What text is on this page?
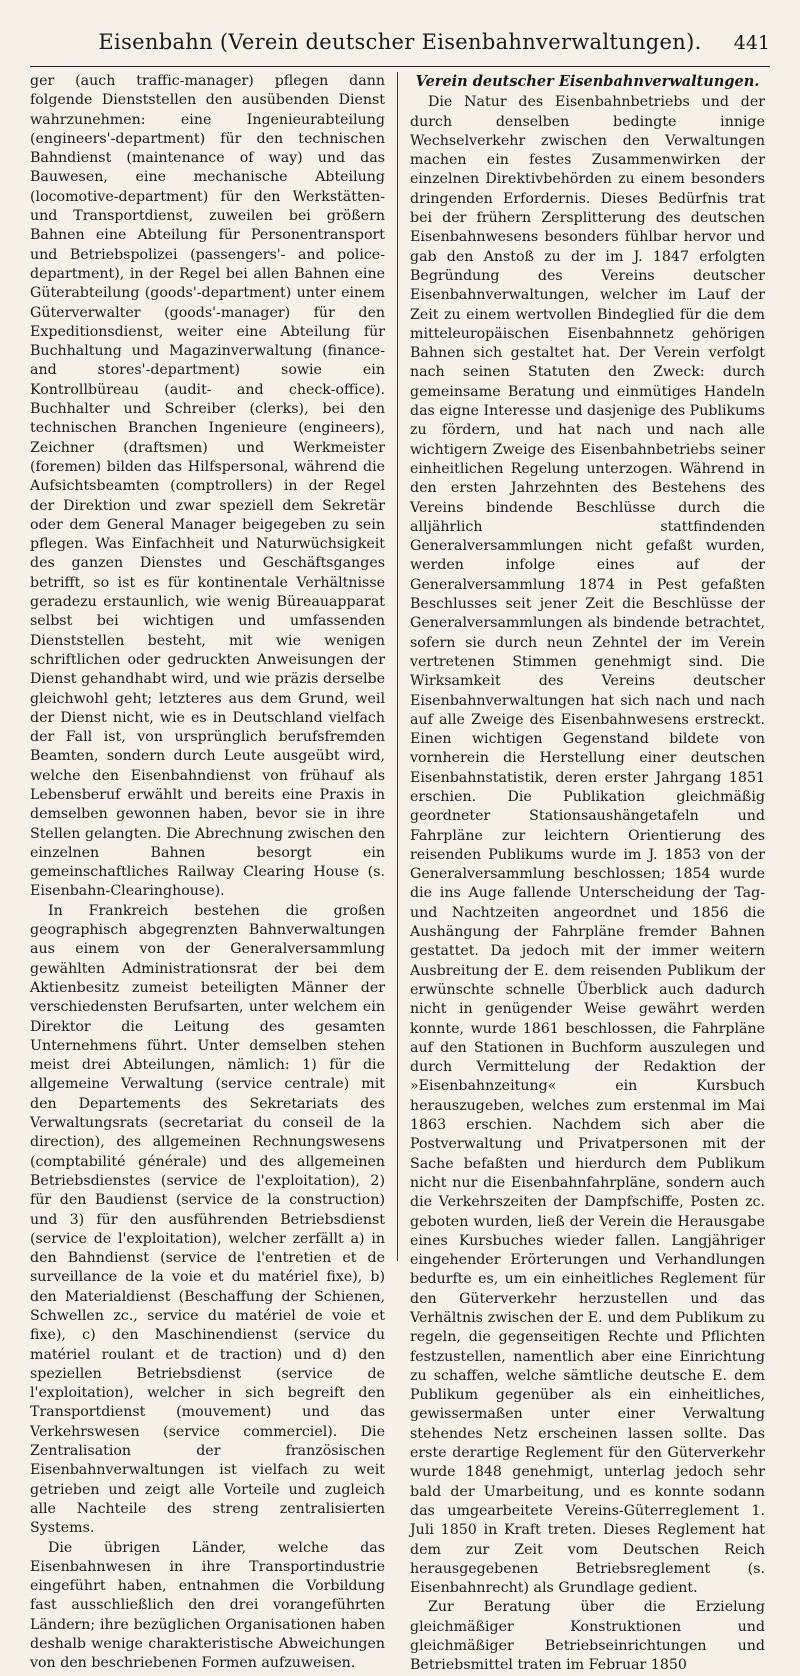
Eisenbahn (Verein deutscher Eisenbahnverwaltungen).	441

ger (auch traffic-manager) pflegen dann folgende Dienststellen den ausübenden Dienst wahrzunehmen: eine Ingenieurabteilung (engineers'-department) für den technischen Bahndienst (maintenance of way) und das Bauwesen, eine mechanische Abteilung (locomotive-department) für den Werkstätten- und Transportdienst, zuweilen bei größern Bahnen eine Abteilung für Personentransport und Betriebspolizei (passengers'- and police-department), in der Regel bei allen Bahnen eine Güterabteilung (goods'-department) unter einem Güterverwalter (goods'-manager) für den Expeditionsdienst, weiter eine Abteilung für Buchhaltung und Magazinverwaltung (finance- and stores'-department) sowie ein Kontrollbüreau (audit- and check-office). Buchhalter und Schreiber (clerks), bei den technischen Branchen Ingenieure (engineers), Zeichner (draftsmen) und Werkmeister (foremen) bilden das Hilfspersonal, während die Aufsichtsbeamten (comptrollers) in der Regel der Direktion und zwar speziell dem Sekretär oder dem General Manager beigegeben zu sein pflegen. Was Einfachheit und Naturwüchsigkeit des ganzen Dienstes und Geschäftsganges betrifft, so ist es für kontinentale Verhältnisse geradezu erstaunlich, wie wenig Büreauapparat selbst bei wichtigen und umfassenden Dienststellen besteht, mit wie wenigen schriftlichen oder gedruckten Anweisungen der Dienst gehandhabt wird, und wie präzis derselbe gleichwohl geht; letzteres aus dem Grund, weil der Dienst nicht, wie es in Deutschland vielfach der Fall ist, von ursprünglich berufsfremden Beamten, sondern durch Leute ausgeübt wird, welche den Eisenbahndienst von frühauf als Lebensberuf erwählt und bereits eine Praxis in demselben gewonnen haben, bevor sie in ihre Stellen gelangten. Die Abrechnung zwischen den einzelnen Bahnen besorgt ein gemeinschaftliches Railway Clearing House (s. Eisenbahn-Clearinghouse).

In Frankreich bestehen die großen geographisch abgegrenzten Bahnverwaltungen aus einem von der Generalversammlung gewählten Administrationsrat der bei dem Aktienbesitz zumeist beteiligten Männer der verschiedensten Berufsarten, unter welchem ein Direktor die Leitung des gesamten Unternehmens führt. Unter demselben stehen meist drei Abteilungen, nämlich: 1) für die allgemeine Verwaltung (service centrale) mit den Departements des Sekretariats des Verwaltungsrats (secretariat du conseil de la direction), des allgemeinen Rechnungswesens (comptabilité générale) und des allgemeinen Betriebsdienstes (service de l'exploitation), 2) für den Baudienst (service de la construction) und 3) für den ausführenden Betriebsdienst (service de l'exploitation), welcher zerfällt a) in den Bahndienst (service de l'entretien et de surveillance de la voie et du matériel fixe), b) den Materialdienst (Beschaffung der Schienen, Schwellen zc., service du matériel de voie et fixe), c) den Maschinendienst (service du matériel roulant et de traction) und d) den speziellen Betriebsdienst (service de l'exploitation), welcher in sich begreift den Transportdienst (mouvement) und das Verkehrswesen (service commerciel). Die Zentralisation der französischen Eisenbahnverwaltungen ist vielfach zu weit getrieben und zeigt alle Vorteile und zugleich alle Nachteile des streng zentralisierten Systems.

Die übrigen Länder, welche das Eisenbahnwesen in ihre Transportindustrie eingeführt haben, entnahmen die Vorbildung fast ausschließlich den drei vorangeführten Ländern; ihre bezüglichen Organisationen haben deshalb wenige charakteristische Abweichungen von den beschriebenen Formen aufzuweisen.

Verein deutscher Eisenbahnverwaltungen.

Die Natur des Eisenbahnbetriebs und der durch denselben bedingte innige Wechselverkehr zwischen den Verwaltungen machen ein festes Zusammenwirken der einzelnen Direktivbehörden zu einem besonders dringenden Erfordernis. Dieses Bedürfnis trat bei der frühern Zersplitterung des deutschen Eisenbahnwesens besonders fühlbar hervor und gab den Anstoß zu der im J. 1847 erfolgten Begründung des Vereins deutscher Eisenbahnverwaltungen, welcher im Lauf der Zeit zu einem wertvollen Bindeglied für die dem mitteleuropäischen Eisenbahnnetz gehörigen Bahnen sich gestaltet hat. Der Verein verfolgt nach seinen Statuten den Zweck: durch gemeinsame Beratung und einmütiges Handeln das eigne Interesse und dasjenige des Publikums zu fördern, und hat nach und nach alle wichtigern Zweige des Eisenbahnbetriebs seiner einheitlichen Regelung unterzogen. Während in den ersten Jahrzehnten des Bestehens des Vereins bindende Beschlüsse durch die alljährlich stattfindenden Generalversammlungen nicht gefaßt wurden, werden infolge eines auf der Generalversammlung 1874 in Pest gefaßten Beschlusses seit jener Zeit die Beschlüsse der Generalversammlungen als bindende betrachtet, sofern sie durch neun Zehntel der im Verein vertretenen Stimmen genehmigt sind. Die Wirksamkeit des Vereins deutscher Eisenbahnverwaltungen hat sich nach und nach auf alle Zweige des Eisenbahnwesens erstreckt. Einen wichtigen Gegenstand bildete von vornherein die Herstellung einer deutschen Eisenbahnstatistik, deren erster Jahrgang 1851 erschien. Die Publikation gleichmäßig geordneter Stationsaushängetafeln und Fahrpläne zur leichtern Orientierung des reisenden Publikums wurde im J. 1853 von der Generalversammlung beschlossen; 1854 wurde die ins Auge fallende Unterscheidung der Tag- und Nachtzeiten angeordnet und 1856 die Aushängung der Fahrpläne fremder Bahnen gestattet. Da jedoch mit der immer weitern Ausbreitung der E. dem reisenden Publikum der erwünschte schnelle Überblick auch dadurch nicht in genügender Weise gewährt werden konnte, wurde 1861 beschlossen, die Fahrpläne auf den Stationen in Buchform auszulegen und durch Vermittelung der Redaktion der »Eisenbahnzeitung« ein Kursbuch herauszugeben, welches zum erstenmal im Mai 1863 erschien. Nachdem sich aber die Postverwaltung und Privatpersonen mit der Sache befaßten und hierdurch dem Publikum nicht nur die Eisenbahnfahrpläne, sondern auch die Verkehrszeiten der Dampfschiffe, Posten zc. geboten wurden, ließ der Verein die Herausgabe eines Kursbuches wieder fallen. Langjähriger eingehender Erörterungen und Verhandlungen bedurfte es, um ein einheitliches Reglement für den Güterverkehr herzustellen und das Verhältnis zwischen der E. und dem Publikum zu regeln, die gegenseitigen Rechte und Pflichten festzustellen, namentlich aber eine Einrichtung zu schaffen, welche sämtliche deutsche E. dem Publikum gegenüber als ein einheitliches, gewissermaßen unter einer Verwaltung stehendes Netz erscheinen lassen sollte. Das erste derartige Reglement für den Güterverkehr wurde 1848 genehmigt, unterlag jedoch sehr bald der Umarbeitung, und es konnte sodann das umgearbeitete Vereins-Güterreglement 1. Juli 1850 in Kraft treten. Dieses Reglement hat dem zur Zeit vom Deutschen Reich herausgegebenen Betriebsreglement (s. Eisenbahnrecht) als Grundlage gedient.

Zur Beratung über die Erzielung gleichmäßiger Konstruktionen und gleichmäßiger Betriebseinrichtungen und Betriebsmittel traten im Februar 1850
